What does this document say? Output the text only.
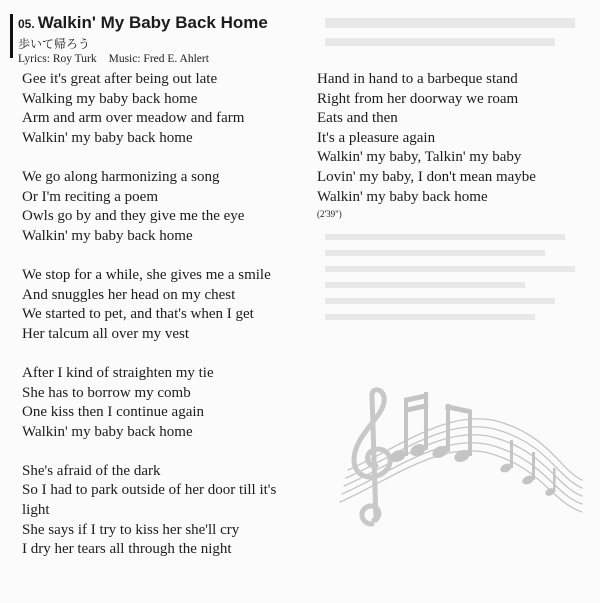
05. Walkin' My Baby Back Home
歩いて帰ろう
Lyrics: Roy Turk Music: Fred E. Ahlert
Gee it's great after being out late
Walking my baby back home
Arm and arm over meadow and farm
Walkin' my baby back home
We go along harmonizing a song
Or I'm reciting a poem
Owls go by and they give me the eye
Walkin' my baby back home
We stop for a while, she gives me a smile
And snuggles her head on my chest
We started to pet, and that's when I get
Her talcum all over my vest
After I kind of straighten my tie
She has to borrow my comb
One kiss then I continue again
Walkin' my baby back home
She's afraid of the dark
So I had to park outside of her door till it's
light
She says if I try to kiss her she'll cry
I dry her tears all through the night
Hand in hand to a barbeque stand
Right from her doorway we roam
Eats and then
It's a pleasure again
Walkin' my baby, Talkin' my baby
Lovin' my baby, I don't mean maybe
Walkin' my baby back home
(2'39")
